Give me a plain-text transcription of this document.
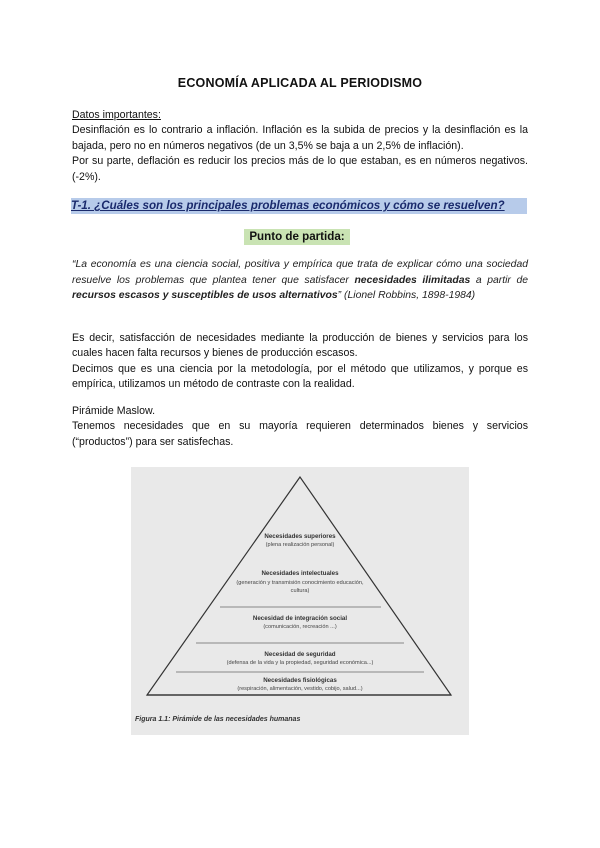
ECONOMÍA APLICADA AL PERIODISMO
Datos importantes:
Desinflación es lo contrario a inflación. Inflación es la subida de precios y la desinflación es la bajada, pero no en números negativos (de un 3,5% se baja a un 2,5% de inflación).
Por su parte, deflación es reducir los precios más de lo que estaban, es en números negativos. (-2%).
T-1. ¿Cuáles son los principales problemas económicos y cómo se resuelven?
Punto de partida:
“La economía es una ciencia social, positiva y empírica que trata de explicar cómo una sociedad resuelve los problemas que plantea tener que satisfacer necesidades ilimitadas a partir de recursos escasos y susceptibles de usos alternativos” (Lionel Robbins, 1898-1984)
Es decir, satisfacción de necesidades mediante la producción de bienes y servicios para los cuales hacen falta recursos y bienes de producción escasos.
Decimos que es una ciencia por la metodología, por el método que utilizamos, y porque es empírica, utilizamos un método de contraste con la realidad.
Pirámide Maslow.
Tenemos necesidades que en su mayoría requieren determinados bienes y servicios (“productos”) para ser satisfechas.
Necesidades superiores
(plena realización personal)
Necesidades intelectuales
(generación y transmisión conocimiento educación, cultura)
Necesidad de integración social
(comunicación, recreación ...)
Necesidad de seguridad
(defensa de la vida y la propiedad, seguridad económica...)
Necesidades fisiológicas
(respiración, alimentación, vestido, cobijo, salud...)
Figura 1.1: Pirámide de las necesidades humanas
